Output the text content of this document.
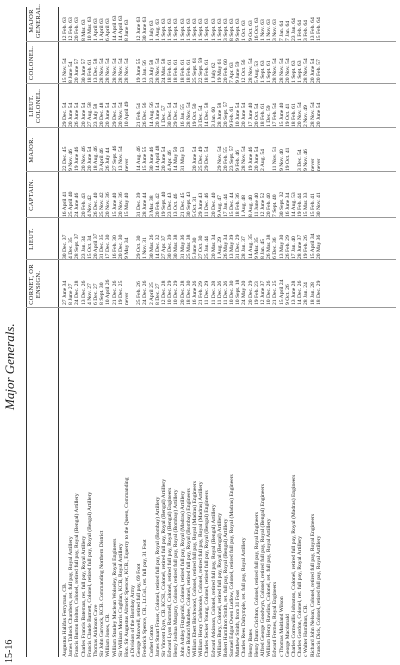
15-16
Major Generals.
CORNET, OR ENSIGN.
LIEUT.
CAPTAIN.
MAJOR.
LIEUT. COLONEL.
COLONEL.
MAJOR GENERAL.
Augustus Halifax Ferryman, CB.
27 June 34
30 Dec. 37
16 April 41
22 Dec. 45
29 Dec. 54
15 Nov. 54
12 Feb. 63
James Tallock Chambers, ret. full pay, Royal Artillery
8 June 27
4 Dec. 35
25 April 40
9 Nov. 46
20 June 54
8 June 54
12 Feb. 63
Francis Burton Bolton, Colonel, retired full pay, Royal (Bengal) Artillery
24 Dec. 28
28 Sept. 37
24 June 46
19 June 46
26 June 54
20 June 57
20 Feb. 63
Charles Francis Bateman, ret. full pay, Royal Artillery
13 Dec. 26
23 Jan. 34
20 Feb. 43
20 Nov. 46
20 June 54
30 June 57
8 Mar. 63
Francis Claude Barnett, Colonel, retired full pay, Royal (Bengal) Artillery
4 Nov. 27
15 Oct. 34
4 Nov. 42
20 June 54
27 Aug. 58
18 Feb. 61
10 Mar. 63
Thomas Atkinson Cave
6 Dec. 27
20 April 37
26 Dec. 40
18 Aug. 46
23 July 58
13 Dec. 58
1 April 63
Sir John Garvock, KCB. Commanding Northern District
8 Sept. 30
31 Dec. 35
25 Nov. 42
3 April 46
20 Dec. 48
28 Nov. 54
1 April 63
William Jones, CB.
10 April 26
17 Dec. 30
20 Nov. 36
26 July 44
20 June 54
28 Nov. 54
6 April 63
William Stanley Maclean Wolseley, Royal Engineers
21 Dec. 26
16 Feb. 30
15 June 40
27 Sept. 46
29 Dec. 54
28 Nov. 54
14 April 63
Sir William Morris Coghlan, KCB, Royal Artillery
19 Dec. 25
20 Dec. 30
20 Nov. 36
13 Nov. 54
20 Nov. 54
28 Nov. 54
14 April 63
Hon. Sir Augustus Almeric Spencer, KCB., Equerry to the Queen, Commanding
never
9 May 34
15 May 40
never
10 April 49
28 Nov. 54
8 June 63
a Division of the Bombay Army George Maxwell, retired full pay, 69 Foot
25 Feb. 26
29 Oct. 30
31 Dec. 39
14 Aug. 46
21 Feb. 54
19 June 55
12 June 63
Frederick Spence, CB., Lt.Col., ret. full pay, 31 Foot
24 Dec. 26
1 Nov. 31
28 June 44
15 June 55
26 Dec. 56
13 Jan. 56
30 June 63
Corbet Cotton
2 April 25
30 Mar. 26
3 Mar. 38
30 June 46
14 Aug. 56
23 July 58
1 July 63
James Stuart Fraser, Colonel, retired full pay, Royal (Bombay) Artillery
8 Dec. 27
14 Dec. 32
20 Feb. 42
14 April 48
20 June 54
28 Nov. 54
1 Aug. 63
Sir Vincent Eyre, CB. KCSI., Colonel, retired full pay, Royal (Bengal) Artillery
12 Dec. 28
27 Apr. 37
19 Sept. 40
20 June 54
1 Dec. 57
24 Mar. 58
1 Sept. 63
Edward Lyon Rammell, Colonel, retired full pay, Royal (Bengal) Engineers
10 Dec. 29
30 Dec. 39
23 Dec. 43
4 Apr. 46
30 Dec. 54
18 Feb. 61
1 Sept. 63
Henry Joshua Margary, Colonel, retired full pay, Royal (Bombay) Artillery
10 Dec. 29
30 Mar. 38
13 Oct. 46
14 May 50
29 Dec. 54
18 Feb. 61
1 Sept. 63
John Ashley Fitzgerald, Colonel, retired full pay, Royal (Madras) Artillery
20 Dec. 28
31 May 36
21 Dec. 45
31 May 53
16 Jan. 55
18 Feb. 61
1 Sept. 63
Gore Boland Munbee, Colonel, retired full pay, Royal (Bombay) Engineers
18 Dec. 30
25 Mar. 38
30 Sept. 43
28 Nov. 54
18 Feb. 61
1 Sept. 63
William Ebert Birchwood, Colonel, retired full pay, Royal (Madras) Engineers
16 June 26
5 June 30
5 Oct. 31
20 June 54
19 Oct. 50
25 Sept. 61
1 Sept. 63
William Henry Colebrooke, Colonel, retired full pay, Royal (Madras) Artillery
21 Feb. 29
27 Oct. 30
29 June 43
25 Dec. 49
3 Dec. 54
22 Sept. 59
1 Sept. 63
Charles Secker Young, Colonel, retired full pay, Royal (Bengal) Engineers
11 Dec. 29
25 Jan. 44
11 Dec. 46
29 Dec. 54
14 Dec. 58
18 Feb. 61
1 Sept. 63
Edward Atkinson, Colonel, retired full pay, Royal (Bengal) Artillery
11 Dec. 28
20 Mar. 34
20 Dec. 40
3 Jan. 60
1 July 62
1 Sept. 63
William Bury, Colonel, retired full pay, Royal (Bengal) Artillery
11 Dec. 26
1 Aug. 29
9 Aug. 47
29 Nov. 54
28 June 58
19 May 61
1 Sept. 63
Robert Hamilton Smith, ret. full pay, Royal (Bengal) Artillery
11 Dec. 26
26 May 34
17 Jan. 44
20 Feb. 55
20 Sept. 57
20 Feb. 60
3 Sept. 63
Samuel Edgar Owen Ludlow, Colonel, retired full pay, Royal (Madras) Engineers
10 Dec. 30
13 May 39
15 Dec. 44
23 Sept. 57
9 Feb. 61
7 Apr. 63
8 Sept. 63
Matthew Smith, from 31 Foot
10 Sept. 18
31 Dec. 29
18 Feb. 36
9 Feb. 46
10 June 54
9 June 59
9 Sept. 63
Charles Rees Dalrymple, ret. full pay, Royal Artillery
24 May 20
28 Jan. 37
1 Aug. 48
28 Nov. 54
20 June 54
12 Oct. 56
1 Oct. 63
Henry Bates
20 Dec. 29
14 Aug. 35
8 Aug. 40
19 June 46
17 June 40
28 Nov. 54
9 Oct. 63
Henry Dunn Crichton, Colonel, retired full pay, Royal Engineers
19 Feb. 23
9 Mar. 35
11 June 40
20 June 54
20 Oct. 54
5 Aug. 53
16 Oct. 63
Alfred George Goodwyn, Colonel, retired full pay, Royal (Bengal) Engineers
12 June 37
8 Jan. 45
12 June 52
2 Aug. 54
18 Feb. 61
1 Sept. 63
1 Nov. 63
William Henry Rawlins, Colonel, ret. full pay, Royal Artillery
10 Dec. 26
26 Mar. 38
20 Feb. 40
1 Dec. 59
1 Sept. 61
1 Nov. 63
Edward Fremes, Royal Engineers
21 Dec. 25
6 Dec. 36
7 Sept. 40
11 Nov. 51
17 Feb. 54
28 Nov. 54
3 Nov. 63
c Thomas Maitland Wilson
15 April 24
13 May 30
30 Sept. 32
9 Nov. 40
15 June 40
28 Nov. 54
7 Jan. 64
George Macdonald
9 Oct. 26
26 Feb. 29
16 June 34
19 Oct. 41
19 Oct. 41
20 Nov. 54
7 Jan. 64
Charles Cornwallis Johnston, Colonel, retired full pay, Royal (Madras) Engineers
13 June 28
17 Jan. 40
14 Aug. 53
18 Feb. 61
1 Sept. 63
23 Jan. 64
Charles Gordon, Colonel, ret. full pay, Royal Artillery
14 Dec. 26
28 June 37
19 Feb. 44
3 Dec. 54
20 Nov. 54
1 Sept. 63
1 Feb. 64
c Walter Hamilton, CB.
28 Jan. 24
19 Feb. 26
15 Mar. 33
9 Nov. 46
2 Nov. 49
28 Nov. 54
3 Feb. 64
Richard John Nelson, Colonel, retired full pay, Royal Engineers
18 Jan. 28
15 April 34
15 Feb. 41
never
28 Nov. 54
20 June 54
13 Feb. 64
Francis Dick, Colonel, retired full pay, Royal Artillery
18 Dec. 29
20 May 36
30 Nov. 41
never
20 June 54
20 Feb. 57
15 Feb. 64
